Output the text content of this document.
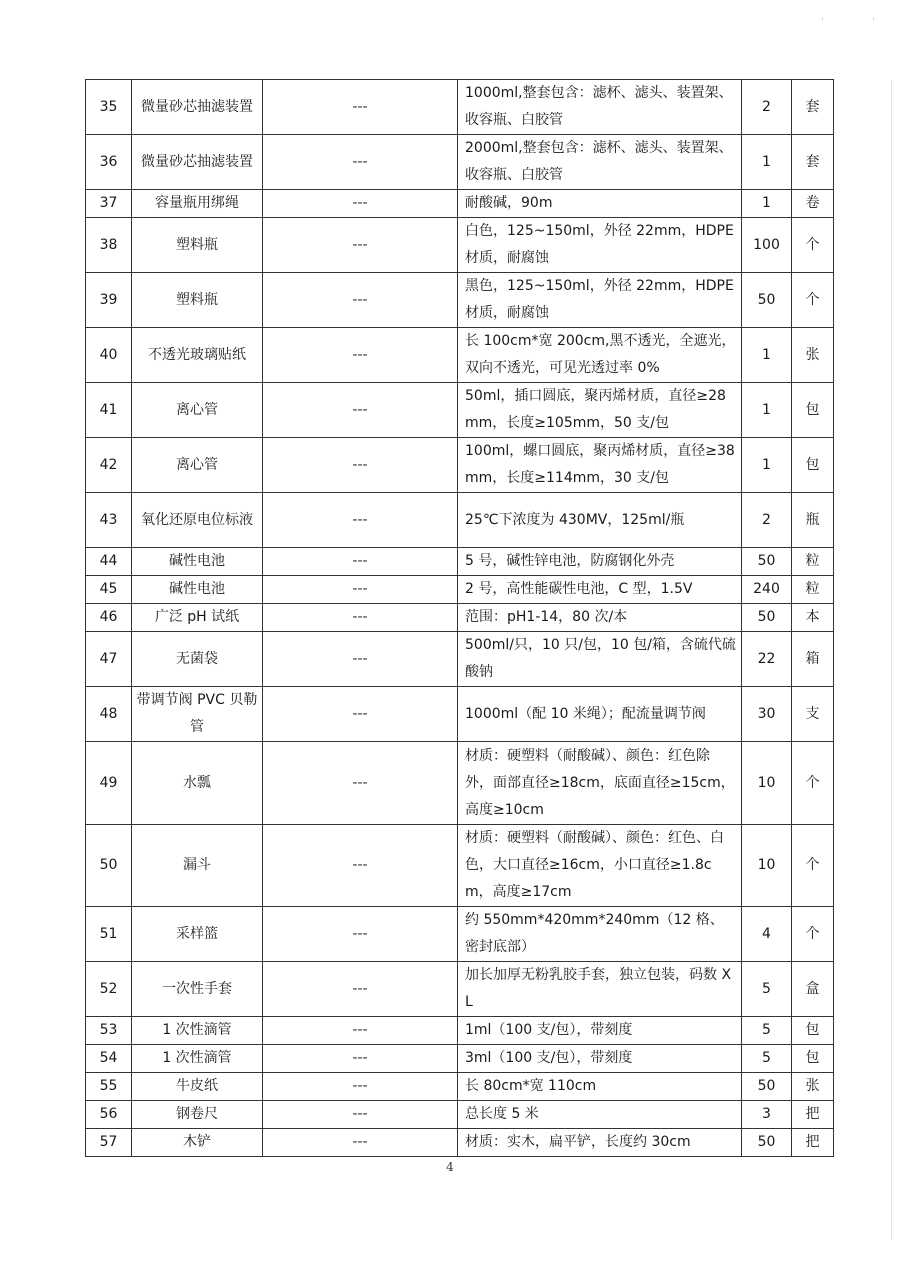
ˈ	ˈ
35	微量砂芯抽滤装置	---	1000ml,整套包含：滤杯、滤头、装置架、收容瓶、白胶管	2	套
36	微量砂芯抽滤装置	---	2000ml,整套包含：滤杯、滤头、装置架、收容瓶、白胶管	1	套
37	容量瓶用绑绳	---	耐酸碱，90m	1	卷
38	塑料瓶	---	白色，125~150ml，外径 22mm，HDPE 材质，耐腐蚀	100	个
39	塑料瓶	---	黑色，125~150ml，外径 22mm，HDPE 材质，耐腐蚀	50	个
40	不透光玻璃贴纸	---	长 100cm*宽 200cm,黑不透光，全遮光，双向不透光，可见光透过率 0%	1	张
41	离心管	---	50ml，插口圆底，聚丙烯材质，直径≥28mm，长度≥105mm，50 支/包	1	包
42	离心管	---	100ml，螺口圆底，聚丙烯材质，直径≥38mm，长度≥114mm，30 支/包	1	包
43	氧化还原电位标液	---	25℃下浓度为 430MV，125ml/瓶	2	瓶
44	碱性电池	---	5 号，碱性锌电池，防腐钢化外壳	50	粒
45	碱性电池	---	2 号，高性能碳性电池，C 型，1.5V	240	粒
46	广泛 pH 试纸	---	范围：pH1-14，80 次/本	50	本
47	无菌袋	---	500ml/只，10 只/包，10 包/箱，含硫代硫酸钠	22	箱
48	带调节阀 PVC 贝勒管	---	1000ml（配 10 米绳）；配流量调节阀	30	支
49	水瓢	---	材质：硬塑料（耐酸碱）、颜色：红色除外，面部直径≥18cm，底面直径≥15cm，高度≥10cm	10	个
50	漏斗	---	材质：硬塑料（耐酸碱）、颜色：红色、白色，大口直径≥16cm，小口直径≥1.8cm，高度≥17cm	10	个
51	采样篮	---	约 550mm*420mm*240mm（12 格、密封底部）	4	个
52	一次性手套	---	加长加厚无粉乳胶手套，独立包装，码数 XL	5	盒
53	1 次性滴管	---	1ml（100 支/包），带刻度	5	包
54	1 次性滴管	---	3ml（100 支/包），带刻度	5	包
55	牛皮纸	---	长 80cm*宽 110cm	50	张
56	钢卷尺	---	总长度 5 米	3	把
57	木铲	---	材质：实木，扁平铲，长度约 30cm	50	把
4
